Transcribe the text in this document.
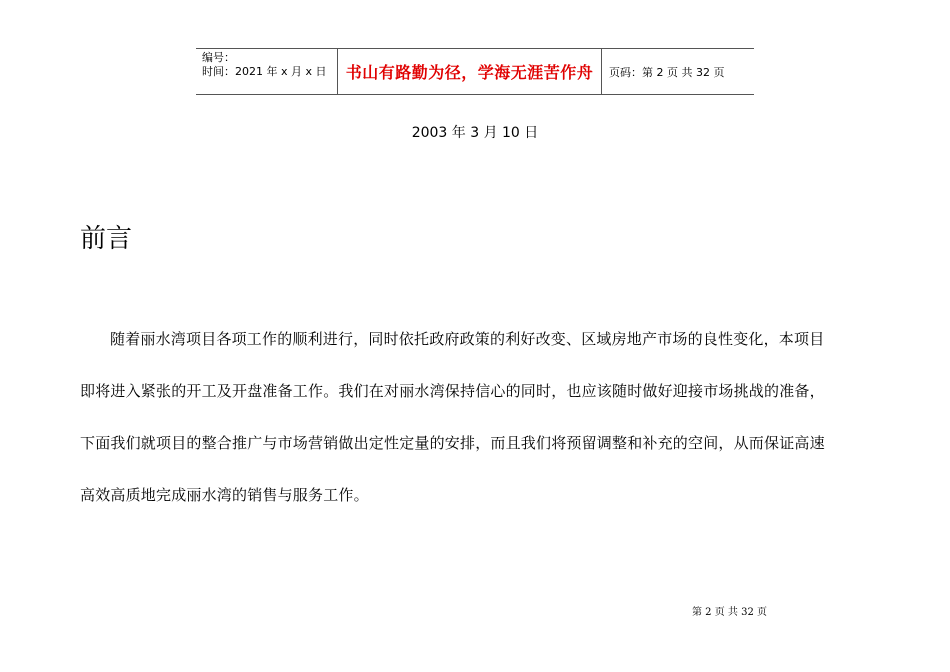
编号：
时间：2021 年 x 月 x 日	书山有路勤为径，学海无涯苦作舟	页码：第 2 页 共 32 页
2003 年 3 月 10 日
前言

随着丽水湾项目各项工作的顺利进行，同时依托政府政策的利好改变、区域房地产市场的良性变化，本项目

即将进入紧张的开工及开盘准备工作。我们在对丽水湾保持信心的同时，也应该随时做好迎接市场挑战的准备，

下面我们就项目的整合推广与市场营销做出定性定量的安排，而且我们将预留调整和补充的空间，从而保证高速

高效高质地完成丽水湾的销售与服务工作。

第 2 页 共 32 页
